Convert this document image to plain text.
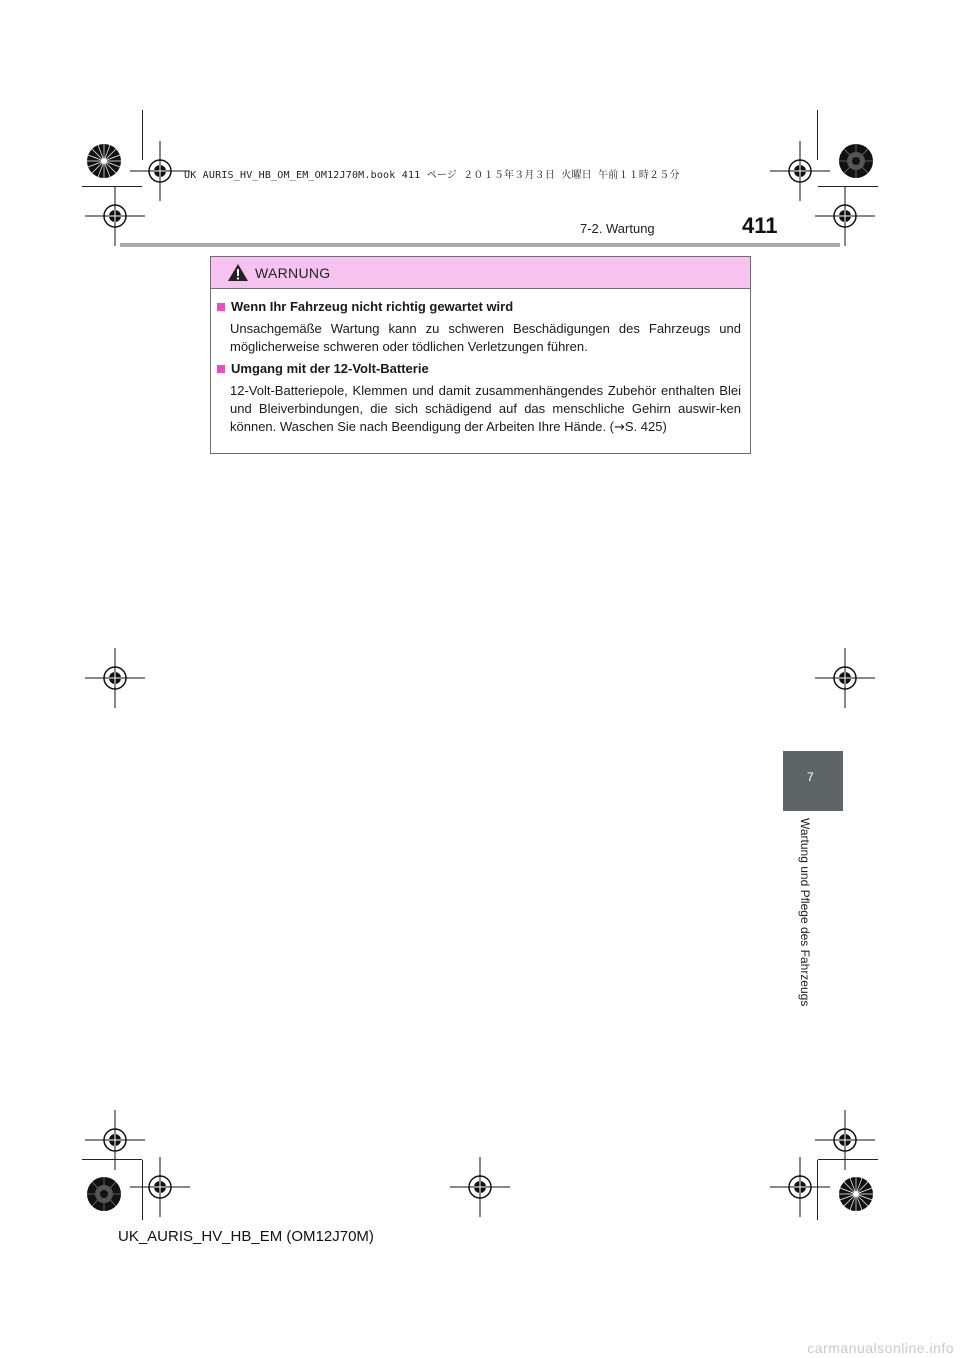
UK AURIS_HV_HB_OM_EM_OM12J70M.book 411 ページ ２０１５年３月３日 火曜日 午前１１時２５分
7-2. Wartung	411
WARNUNG
Wenn Ihr Fahrzeug nicht richtig gewartet wird
Unsachgemäße Wartung kann zu schweren Beschädigungen des Fahrzeugs und möglicherweise schweren oder tödlichen Verletzungen führen.
Umgang mit der 12-Volt-Batterie
12-Volt-Batteriepole, Klemmen und damit zusammenhängendes Zubehör enthalten Blei und Bleiverbindungen, die sich schädigend auf das menschliche Gehirn auswir-ken können. Waschen Sie nach Beendigung der Arbeiten Ihre Hände. (→S. 425)
7
Wartung und Pflege des Fahrzeugs
UK_AURIS_HV_HB_EM (OM12J70M)
carmanualsonline.info
